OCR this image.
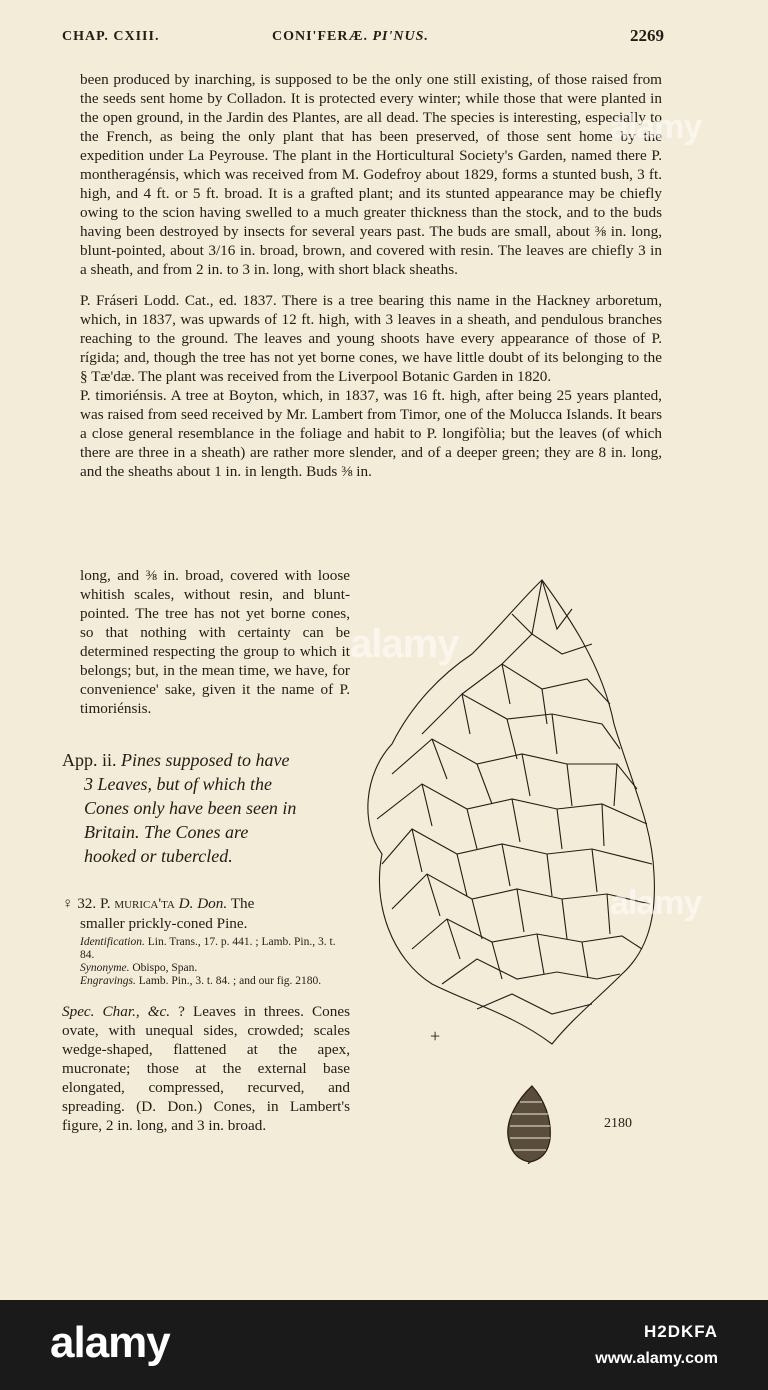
CHAP. CXIII.	CONI'FERÆ. PI'NUS.	2269

been produced by inarching, is supposed to be the only one still existing, of those raised from the seeds sent home by Colladon. It is protected every winter; while those that were planted in the open ground, in the Jardin des Plantes, are all dead. The species is interesting, especially to the French, as being the only plant that has been preserved, of those sent home by the expedition under La Peyrouse. The plant in the Horticultural Society's Garden, named there P. montheragénsis, which was received from M. Godefroy about 1829, forms a stunted bush, 3 ft. high, and 4 ft. or 5 ft. broad. It is a grafted plant; and its stunted appearance may be chiefly owing to the scion having swelled to a much greater thickness than the stock, and to the buds having been destroyed by insects for several years past. The buds are small, about ⅜ in. long, blunt-pointed, about 3/16 in. broad, brown, and covered with resin. The leaves are chiefly 3 in a sheath, and from 2 in. to 3 in. long, with short black sheaths.

P. Fráseri Lodd. Cat., ed. 1837. There is a tree bearing this name in the Hackney arboretum, which, in 1837, was upwards of 12 ft. high, with 3 leaves in a sheath, and pendulous branches reaching to the ground. The leaves and young shoots have every appearance of those of P. rígida; and, though the tree has not yet borne cones, we have little doubt of its belonging to the § Tæ'dæ. The plant was received from the Liverpool Botanic Garden in 1820.

P. timoriénsis. A tree at Boyton, which, in 1837, was 16 ft. high, after being 25 years planted, was raised from seed received by Mr. Lambert from Timor, one of the Molucca Islands. It bears a close general resemblance in the foliage and habit to P. longifòlia; but the leaves (of which there are three in a sheath) are rather more slender, and of a deeper green; they are 8 in. long, and the sheaths about 1 in. in length. Buds ⅜ in.

long, and ⅜ in. broad, covered with loose whitish scales, without resin, and blunt-pointed. The tree has not yet borne cones, so that nothing with certainty can be determined respecting the group to which it belongs; but, in the mean time, we have, for convenience' sake, given it the name of P. timoriénsis.

App. ii. Pines supposed to have
3 Leaves, but of which the
Cones only have been seen in
Britain. The Cones are
hooked or tubercled.

♀ 32. P. muricа'ta D. Don. The
smaller prickly-coned Pine.

Identification. Lin. Trans., 17. p. 441. ; Lamb. Pin., 3. t. 84.
Synonyme. Obispo, Span.
Engravings. Lamb. Pin., 3. t. 84. ; and our fig. 2180.

Spec. Char., &c. ? Leaves in threes. Cones ovate, with unequal sides, crowded; scales wedge-shaped, flattened at the apex, mucronate; those at the external base elongated, compressed, recurved, and spreading. (D. Don.) Cones, in Lambert's figure, 2 in. long, and 3 in. broad.

+
2180
alamy
alamy
alamy
alamy	H2DKFA
www.alamy.com
